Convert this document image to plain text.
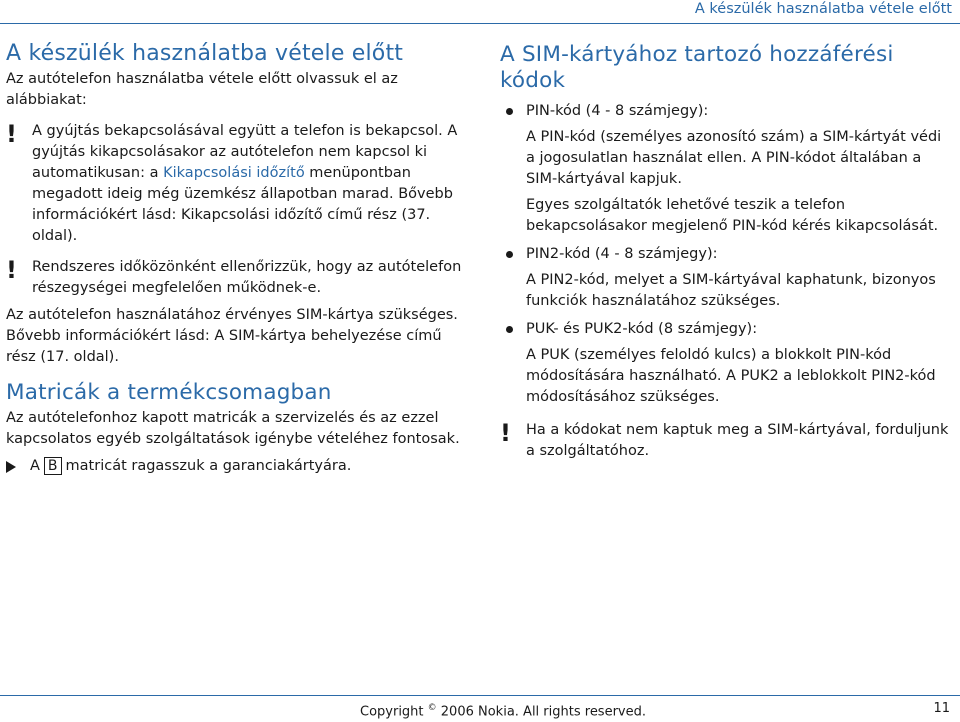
A készülék használatba vétele előtt
A készülék használatba vétele előtt

Az autótelefon használatba vétele előtt olvassuk el az alábbiakat:

! A gyújtás bekapcsolásával együtt a telefon is bekapcsol. A gyújtás kikapcsolásakor az autótelefon nem kapcsol ki automatikusan: a Kikapcsolási időzítő menüpontban megadott ideig még üzemkész állapotban marad. Bővebb információkért lásd: Kikapcsolási időzítő című rész (37. oldal).
! Rendszeres időközönként ellenőrizzük, hogy az autótelefon részegységei megfelelően működnek-e.

Az autótelefon használatához érvényes SIM-kártya szükséges. Bővebb információkért lásd: A SIM-kártya behelyezése című rész (17. oldal).

Matricák a termékcsomagban

Az autótelefonhoz kapott matricák a szervizelés és az ezzel kapcsolatos egyéb szolgáltatások igénybe vételéhez fontosak.

A B matricát ragasszuk a garanciakártyára.
A SIM-kártyához tartozó hozzáférési kódok
PIN-kód (4 - 8 számjegy):

A PIN-kód (személyes azonosító szám) a SIM-kártyát védi a jogosulatlan használat ellen. A PIN-kódot általában a SIM-kártyával kapjuk.

Egyes szolgáltatók lehetővé teszik a telefon bekapcsolásakor megjelenő PIN-kód kérés kikapcsolását.

PIN2-kód (4 - 8 számjegy):

A PIN2-kód, melyet a SIM-kártyával kaphatunk, bizonyos funkciók használatához szükséges.

PUK- és PUK2-kód (8 számjegy):

A PUK (személyes feloldó kulcs) a blokkolt PIN-kód módosítására használható. A PUK2 a leblokkolt PIN2-kód módosításához szükséges.

! Ha a kódokat nem kaptuk meg a SIM-kártyával, forduljunk a szolgáltatóhoz.
Copyright © 2006 Nokia. All rights reserved.	11
